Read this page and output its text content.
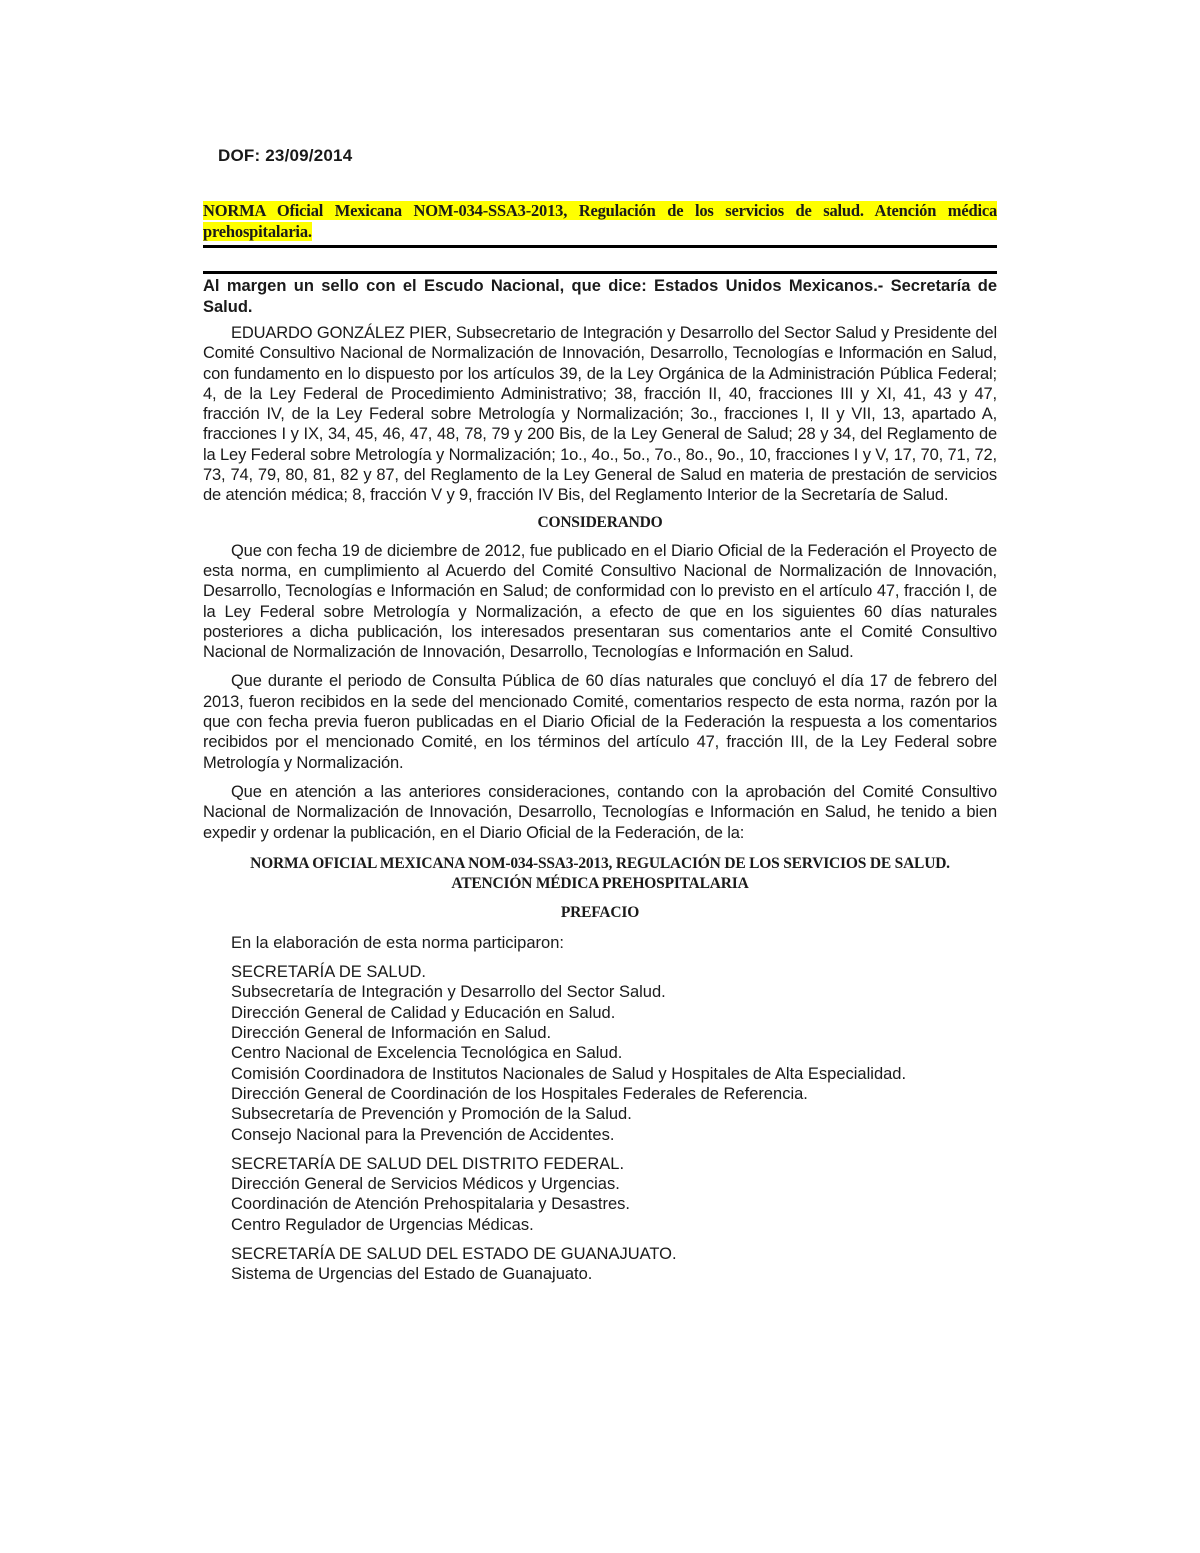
DOF: 23/09/2014

NORMA Oficial Mexicana NOM-034-SSA3-2013, Regulación de los servicios de salud. Atención médica prehospitalaria.

Al margen un sello con el Escudo Nacional, que dice: Estados Unidos Mexicanos.- Secretaría de Salud.

EDUARDO GONZÁLEZ PIER, Subsecretario de Integración y Desarrollo del Sector Salud y Presidente del Comité Consultivo Nacional de Normalización de Innovación, Desarrollo, Tecnologías e Información en Salud, con fundamento en lo dispuesto por los artículos 39, de la Ley Orgánica de la Administración Pública Federal; 4, de la Ley Federal de Procedimiento Administrativo; 38, fracción II, 40, fracciones III y XI, 41, 43 y 47, fracción IV, de la Ley Federal sobre Metrología y Normalización; 3o., fracciones I, II y VII, 13, apartado A, fracciones I y IX, 34, 45, 46, 47, 48, 78, 79 y 200 Bis, de la Ley General de Salud; 28 y 34, del Reglamento de la Ley Federal sobre Metrología y Normalización; 1o., 4o., 5o., 7o., 8o., 9o., 10, fracciones I y V, 17, 70, 71, 72, 73, 74, 79, 80, 81, 82 y 87, del Reglamento de la Ley General de Salud en materia de prestación de servicios de atención médica; 8, fracción V y 9, fracción IV Bis, del Reglamento Interior de la Secretaría de Salud.

CONSIDERANDO

Que con fecha 19 de diciembre de 2012, fue publicado en el Diario Oficial de la Federación el Proyecto de esta norma, en cumplimiento al Acuerdo del Comité Consultivo Nacional de Normalización de Innovación, Desarrollo, Tecnologías e Información en Salud; de conformidad con lo previsto en el artículo 47, fracción I, de la Ley Federal sobre Metrología y Normalización, a efecto de que en los siguientes 60 días naturales posteriores a dicha publicación, los interesados presentaran sus comentarios ante el Comité Consultivo Nacional de Normalización de Innovación, Desarrollo, Tecnologías e Información en Salud.

Que durante el periodo de Consulta Pública de 60 días naturales que concluyó el día 17 de febrero del 2013, fueron recibidos en la sede del mencionado Comité, comentarios respecto de esta norma, razón por la que con fecha previa fueron publicadas en el Diario Oficial de la Federación la respuesta a los comentarios recibidos por el mencionado Comité, en los términos del artículo 47, fracción III, de la Ley Federal sobre Metrología y Normalización.

Que en atención a las anteriores consideraciones, contando con la aprobación del Comité Consultivo Nacional de Normalización de Innovación, Desarrollo, Tecnologías e Información en Salud, he tenido a bien expedir y ordenar la publicación, en el Diario Oficial de la Federación, de la:

NORMA OFICIAL MEXICANA NOM-034-SSA3-2013, REGULACIÓN DE LOS SERVICIOS DE SALUD.

ATENCIÓN MÉDICA PREHOSPITALARIA

PREFACIO

En la elaboración de esta norma participaron:
SECRETARÍA DE SALUD.
Subsecretaría de Integración y Desarrollo del Sector Salud.
Dirección General de Calidad y Educación en Salud.
Dirección General de Información en Salud.
Centro Nacional de Excelencia Tecnológica en Salud.
Comisión Coordinadora de Institutos Nacionales de Salud y Hospitales de Alta Especialidad.
Dirección General de Coordinación de los Hospitales Federales de Referencia.
Subsecretaría de Prevención y Promoción de la Salud.
Consejo Nacional para la Prevención de Accidentes.
SECRETARÍA DE SALUD DEL DISTRITO FEDERAL.
Dirección General de Servicios Médicos y Urgencias.
Coordinación de Atención Prehospitalaria y Desastres.
Centro Regulador de Urgencias Médicas.
SECRETARÍA DE SALUD DEL ESTADO DE GUANAJUATO.
Sistema de Urgencias del Estado de Guanajuato.
